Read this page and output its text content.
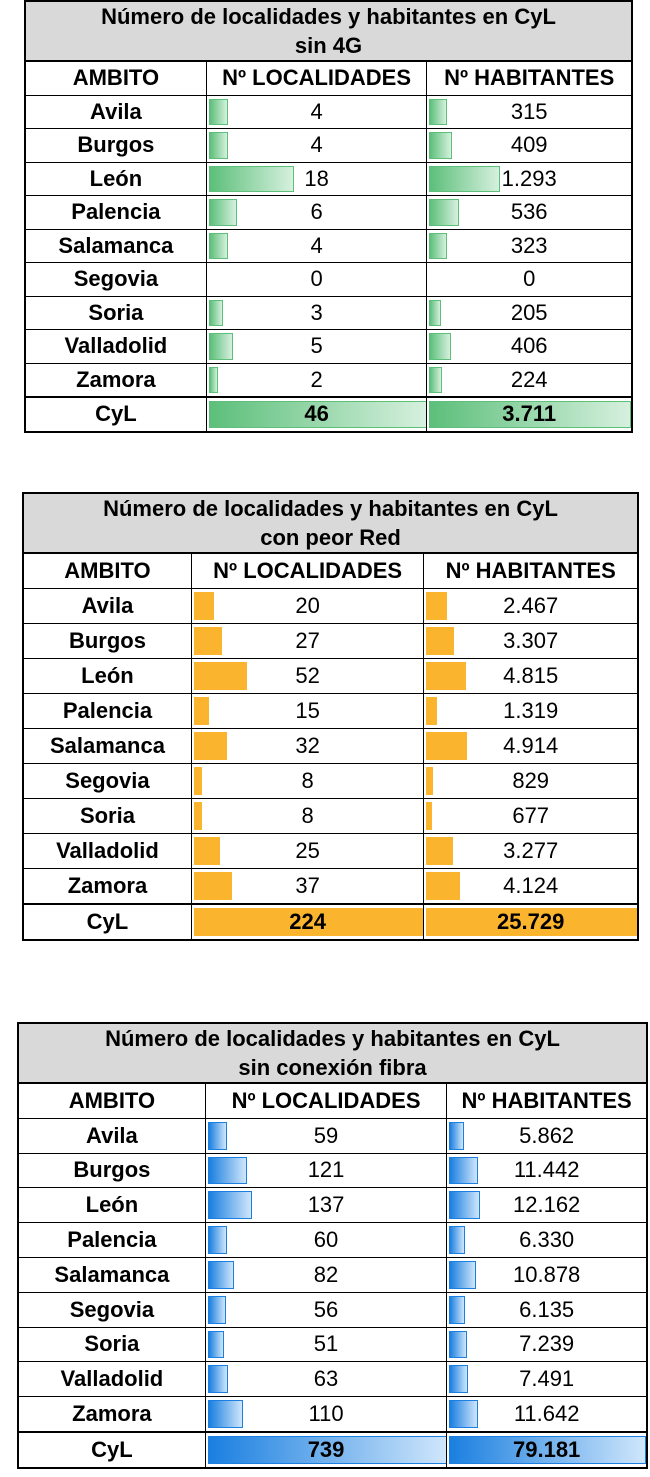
Número de localidades y habitantes en CyL
sin 4G
AMBITO	Nº LOCALIDADES Nº HABITANTES
Avila	4	315
Burgos	4	409
León	18	1.293
Palencia	6	536
Salamanca	4	323
Segovia	0	0
Soria	3	205
Valladolid	5	406
Zamora	2	224
CyL	46	3.711
Número de localidades y habitantes en CyL
con peor Red
AMBITO	Nº LOCALIDADES Nº HABITANTES
Avila	20	2.467
Burgos	27	3.307
León	52	4.815
Palencia	15	1.319
Salamanca	32	4.914
Segovia	8	829
Soria	8	677
Valladolid	25	3.277
Zamora	37	4.124
CyL	224	25.729
Número de localidades y habitantes en CyL
sin conexión fibra
AMBITO	Nº LOCALIDADES Nº HABITANTES
Avila	59	5.862
Burgos	121	11.442
León	137	12.162
Palencia	60	6.330
Salamanca	82	10.878
Segovia	56	6.135
Soria	51	7.239
Valladolid	63	7.491
Zamora	110	11.642
CyL	739	79.181
